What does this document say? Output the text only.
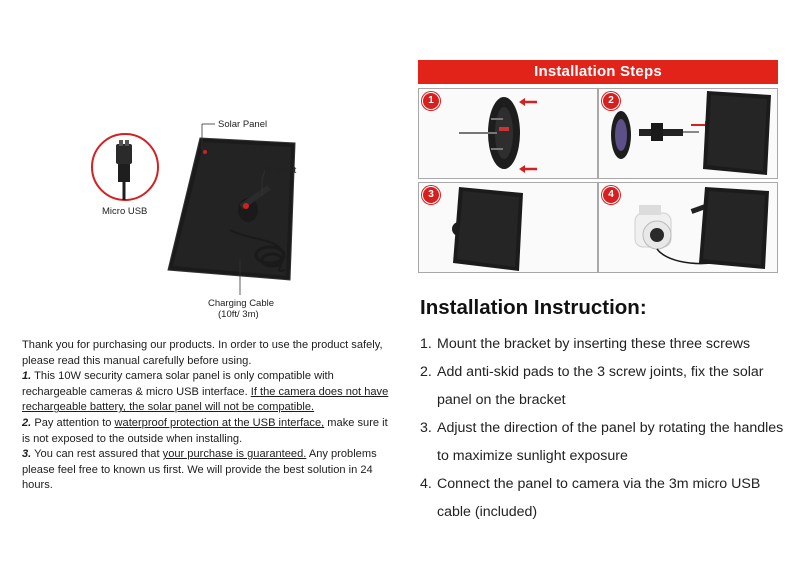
Solar Panel
Bracket
Micro USB
Charging Cable
(10ft/ 3m)

Thank you for purchasing our products. In order to use the product safely, please read this manual carefully before using.

1. This 10W security camera solar panel is only compatible with rechargeable cameras & micro USB interface. If the camera does not have rechargeable battery, the solar panel will not be compatible.

2. Pay attention to waterproof protection at the USB interface, make sure it is not exposed to the outside when installing.

3. You can rest assured that your purchase is guaranteed. Any problems please feel free to known us first. We will provide the best solution in 24 hours.

Installation Steps
1	2
3	4
Installation Instruction:
1. Mount the bracket by inserting these three screws
2. Add anti-skid pads to the 3 screw joints, fix the solar panel on the bracket
3. Adjust the direction of the panel by rotating the handles to maximize sunlight exposure
4. Connect the panel to camera via the 3m micro USB cable (included)
